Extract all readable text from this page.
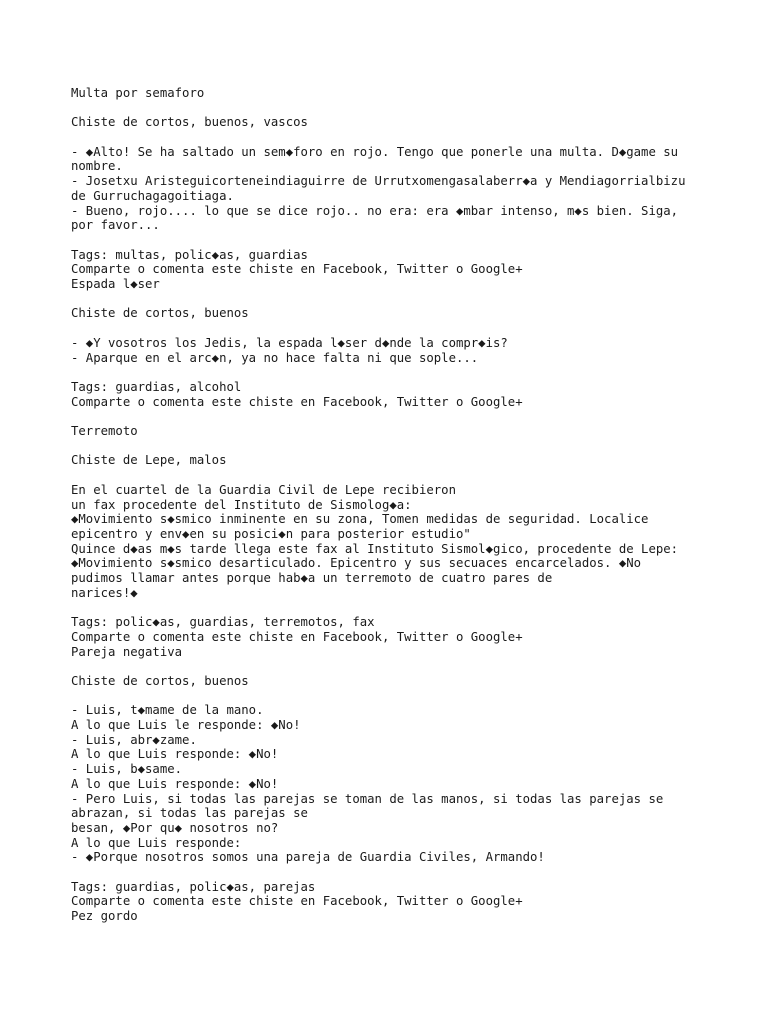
Multa por semaforo
Chiste de cortos, buenos, vascos
- ◆Alto! Se ha saltado un sem◆foro en rojo. Tengo que ponerle una multa. D◆game su
nombre.
- Josetxu Aristeguicorteneindiaguirre de Urrutxomengasalaberr◆a y Mendiagorrialbizu
de Gurruchagagoitiaga.
- Bueno, rojo.... lo que se dice rojo.. no era: era ◆mbar intenso, m◆s bien. Siga,
por favor...
Tags: multas, polic◆as, guardias
Comparte o comenta este chiste en Facebook, Twitter o Google+
Espada l◆ser
Chiste de cortos, buenos
- ◆Y vosotros los Jedis, la espada l◆ser d◆nde la compr◆is?
- Aparque en el arc◆n, ya no hace falta ni que sople...
Tags: guardias, alcohol
Comparte o comenta este chiste en Facebook, Twitter o Google+
Terremoto
Chiste de Lepe, malos
En el cuartel de la Guardia Civil de Lepe recibieron
un fax procedente del Instituto de Sismolog◆a:
◆Movimiento s◆smico inminente en su zona, Tomen medidas de seguridad. Localice
epicentro y env◆en su posici◆n para posterior estudio"
Quince d◆as m◆s tarde llega este fax al Instituto Sismol◆gico, procedente de Lepe:
◆Movimiento s◆smico desarticulado. Epicentro y sus secuaces encarcelados. ◆No
pudimos llamar antes porque hab◆a un terremoto de cuatro pares de
narices!◆
Tags: polic◆as, guardias, terremotos, fax
Comparte o comenta este chiste en Facebook, Twitter o Google+
Pareja negativa
Chiste de cortos, buenos
- Luis, t◆mame de la mano.
A lo que Luis le responde: ◆No!
- Luis, abr◆zame.
A lo que Luis responde: ◆No!
- Luis, b◆same.
A lo que Luis responde: ◆No!
- Pero Luis, si todas las parejas se toman de las manos, si todas las parejas se
abrazan, si todas las parejas se
besan, ◆Por qu◆ nosotros no?
A lo que Luis responde:
- ◆Porque nosotros somos una pareja de Guardia Civiles, Armando!
Tags: guardias, polic◆as, parejas
Comparte o comenta este chiste en Facebook, Twitter o Google+
Pez gordo
